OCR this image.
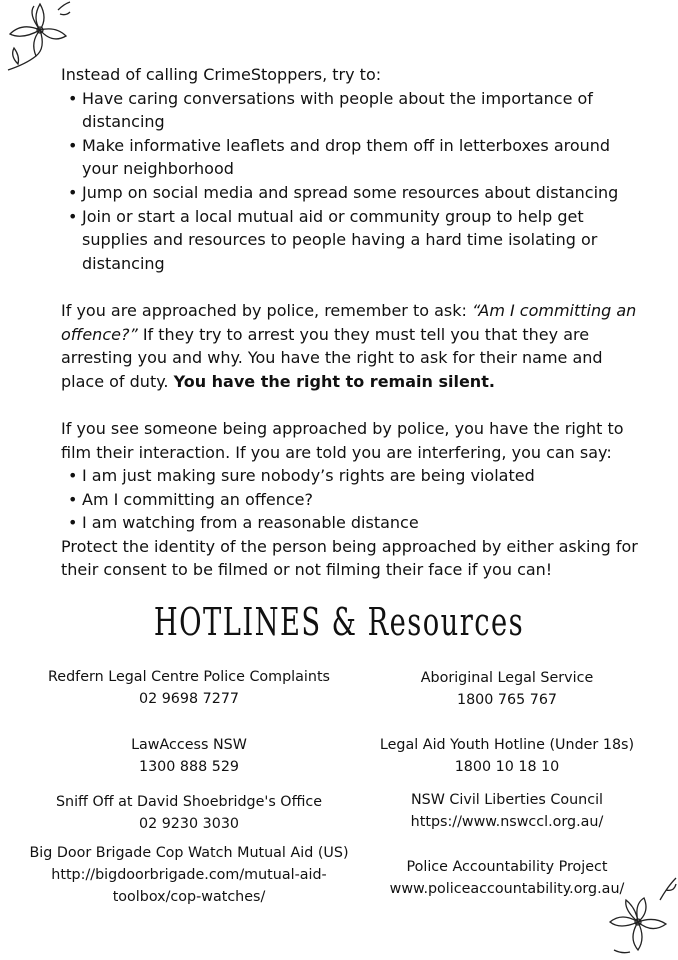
Instead of calling CrimeStoppers, try to:

• Have caring conversations with people about the importance of distancing
• Make informative leaflets and drop them off in letterboxes around your neighborhood
• Jump on social media and spread some resources about distancing
• Join or start a local mutual aid or community group to help get supplies and resources to people having a hard time isolating or distancing

If you are approached by police, remember to ask: “Am I committing an offence?” If they try to arrest you they must tell you that they are arresting you and why. You have the right to ask for their name and place of duty. You have the right to remain silent.

If you see someone being approached by police, you have the right to film their interaction. If you are told you are interfering, you can say:

• I am just making sure nobody’s rights are being violated
• Am I committing an offence?
• I am watching from a reasonable distance

Protect the identity of the person being approached by either asking for their consent to be filmed or not filming their face if you can!

HOTLINES & Resources
Redfern Legal Centre Police Complaints
02 9698 7277
Aboriginal Legal Service
1800 765 767
LawAccess NSW
1300 888 529
Legal Aid Youth Hotline (Under 18s)
1800 10 18 10
Sniff Off at David Shoebridge's Office
02 9230 3030
NSW Civil Liberties Council
https://www.nswccl.org.au/
Big Door Brigade Cop Watch Mutual Aid (US)
http://bigdoorbrigade.com/mutual-aid-
toolbox/cop-watches/
Police Accountability Project
www.policeaccountability.org.au/
